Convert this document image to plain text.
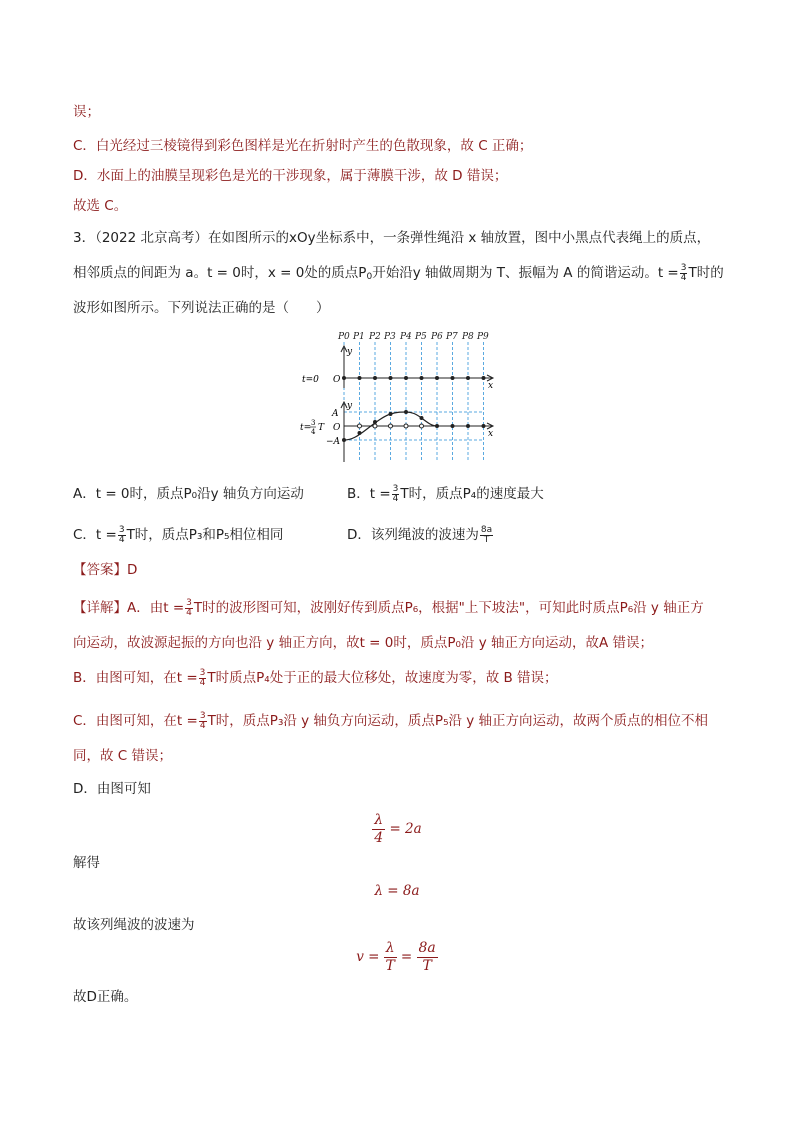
误；
C．白光经过三棱镜得到彩色图样是光在折射时产生的色散现象，故 C 正确；
D．水面上的油膜呈现彩色是光的干涉现象，属于薄膜干涉，故 D 错误；
故选 C。
3．（2022 北京高考）在如图所示的xOy坐标系中，一条弹性绳沿 x 轴放置，图中小黑点代表绳上的质点，
相邻质点的间距为 a。t = 0时，x = 0处的质点$P_0$开始沿y 轴做周期为 T、振幅为 A 的简谐运动。$t = \frac{3}{4}$ T时的
波形如图所示。下列说法正确的是（　　）
P0 P1 P2 P3 P4 P5 P6 P7 P8 P9
y
x
t=0 O
y
x
t= 3
4 T O
A
−A
A．t = 0时，质点P₀沿y 轴负方向运动	B．$t = \frac{3}{4}$ T时，质点P₄的速度最大
C．$t = \frac{3}{4}$ T时，质点P₃和P₅相位相同	D．该列绳波的波速为 $\frac{8a}{T}$
【答案】D
【详解】A．由$t = \frac{3}{4}$ T时的波形图可知，波刚好传到质点P₆，根据"上下坡法"，可知此时质点P₆沿 y 轴正方
向运动，故波源起振的方向也沿 y 轴正方向，故t = 0时，质点P₀沿 y 轴正方向运动，故A 错误；
B．由图可知，在$t = \frac{3}{4}$ T时质点P₄处于正的最大位移处，故速度为零，故 B 错误；
C．由图可知，在$t = \frac{3}{4}$ T时，质点P₃沿 y 轴负方向运动，质点P₅沿 y 轴正方向运动，故两个质点的相位不相
同，故 C 错误；
D．由图可知
$\frac{\lambda}{4} = 2a$
解得
λ = 8a
故该列绳波的波速为
$v = \frac{\lambda}{T} = \frac{8a}{T}$
故D正确。
